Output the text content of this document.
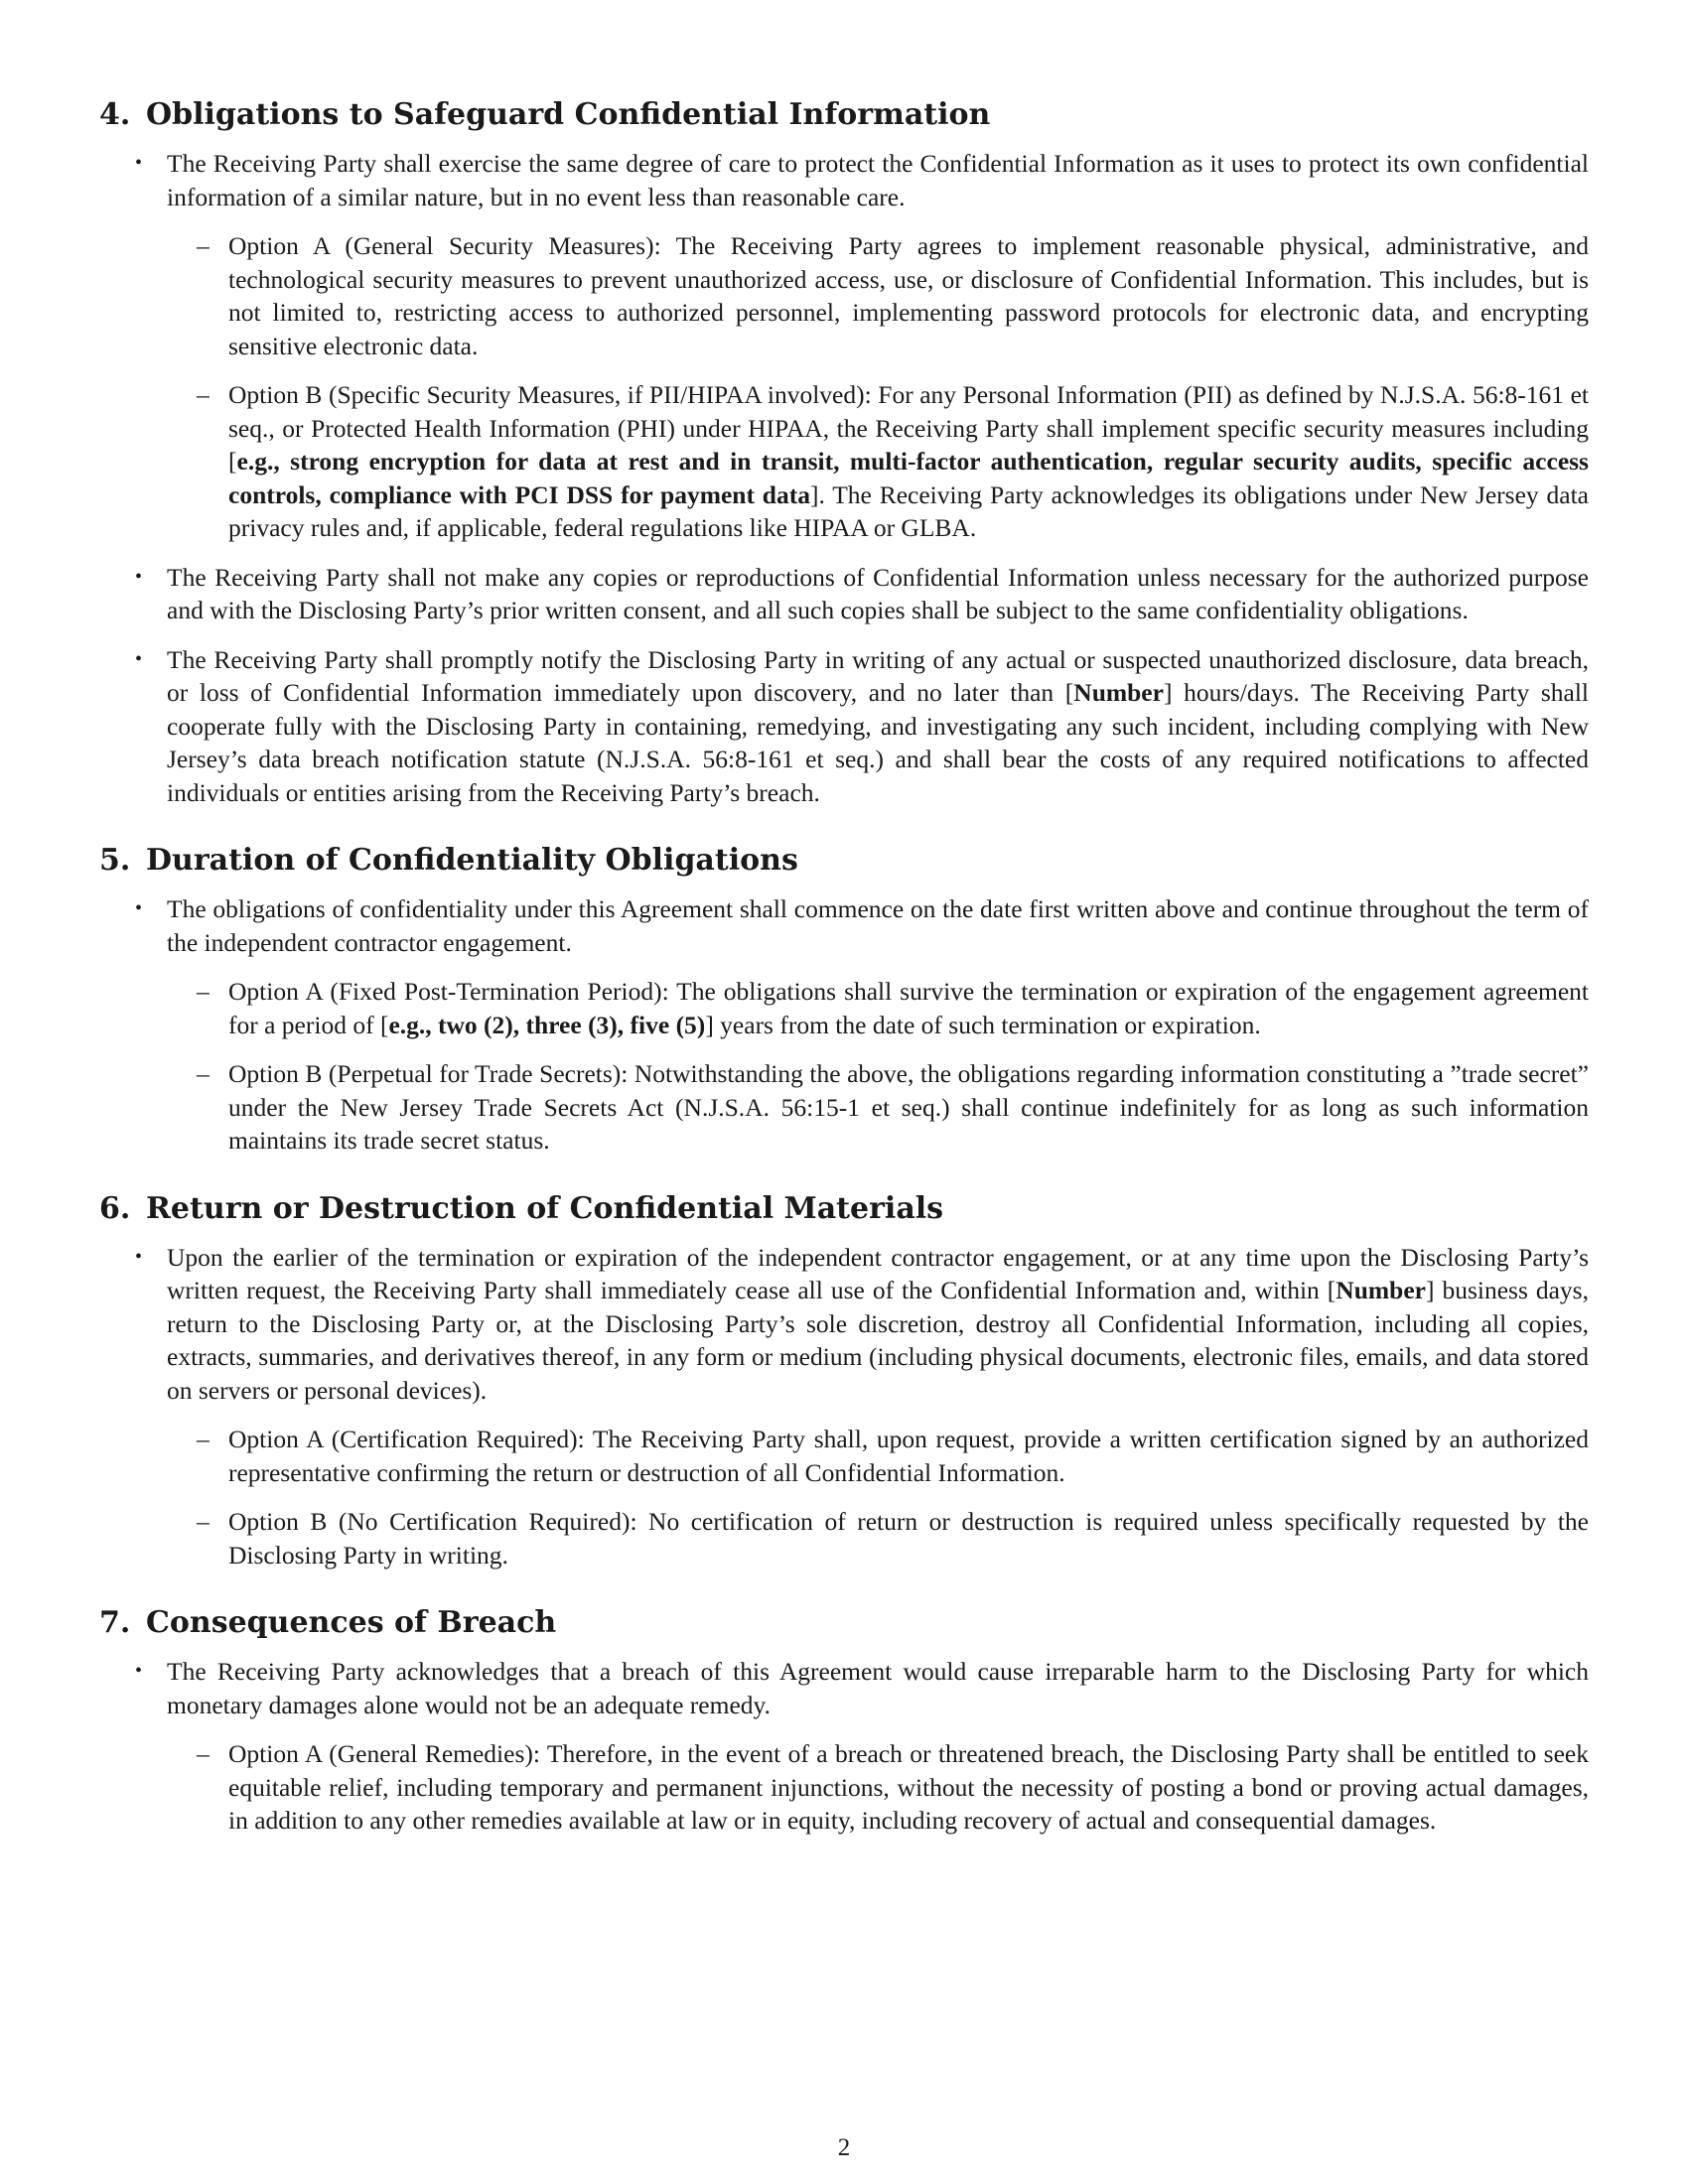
4. Obligations to Safeguard Confidential Information
• The Receiving Party shall exercise the same degree of care to protect the Confidential Information as it uses to protect its own confidential information of a similar nature, but in no event less than reasonable care.
– Option A (General Security Measures): The Receiving Party agrees to implement reasonable physical, administrative, and technological security measures to prevent unauthorized access, use, or disclosure of Confidential Information. This includes, but is not limited to, restricting access to authorized personnel, implementing password protocols for electronic data, and encrypting sensitive electronic data.
– Option B (Specific Security Measures, if PII/HIPAA involved): For any Personal Information (PII) as defined by N.J.S.A. 56:8-161 et seq., or Protected Health Information (PHI) under HIPAA, the Receiving Party shall implement specific security measures including [e.g., strong encryption for data at rest and in transit, multi-factor authentication, regular security audits, specific access controls, compliance with PCI DSS for payment data]. The Receiving Party acknowledges its obligations under New Jersey data privacy rules and, if applicable, federal regulations like HIPAA or GLBA.
• The Receiving Party shall not make any copies or reproductions of Confidential Information unless necessary for the authorized purpose and with the Disclosing Party’s prior written consent, and all such copies shall be subject to the same confidentiality obligations.
• The Receiving Party shall promptly notify the Disclosing Party in writing of any actual or suspected unauthorized disclosure, data breach, or loss of Confidential Information immediately upon discovery, and no later than [Number] hours/days. The Receiving Party shall cooperate fully with the Disclosing Party in containing, remedying, and investigating any such incident, including complying with New Jersey’s data breach notification statute (N.J.S.A. 56:8-161 et seq.) and shall bear the costs of any required notifications to affected individuals or entities arising from the Receiving Party’s breach.
5. Duration of Confidentiality Obligations
• The obligations of confidentiality under this Agreement shall commence on the date first written above and continue throughout the term of the independent contractor engagement.
– Option A (Fixed Post-Termination Period): The obligations shall survive the termination or expiration of the engagement agreement for a period of [e.g., two (2), three (3), five (5)] years from the date of such termination or expiration.
– Option B (Perpetual for Trade Secrets): Notwithstanding the above, the obligations regarding information constituting a ”trade secret” under the New Jersey Trade Secrets Act (N.J.S.A. 56:15-1 et seq.) shall continue indefinitely for as long as such information maintains its trade secret status.
6. Return or Destruction of Confidential Materials
• Upon the earlier of the termination or expiration of the independent contractor engagement, or at any time upon the Disclosing Party’s written request, the Receiving Party shall immediately cease all use of the Confidential Information and, within [Number] business days, return to the Disclosing Party or, at the Disclosing Party’s sole discretion, destroy all Confidential Information, including all copies, extracts, summaries, and derivatives thereof, in any form or medium (including physical documents, electronic files, emails, and data stored on servers or personal devices).
– Option A (Certification Required): The Receiving Party shall, upon request, provide a written certification signed by an authorized representative confirming the return or destruction of all Confidential Information.
– Option B (No Certification Required): No certification of return or destruction is required unless specifically requested by the Disclosing Party in writing.
7. Consequences of Breach
• The Receiving Party acknowledges that a breach of this Agreement would cause irreparable harm to the Disclosing Party for which monetary damages alone would not be an adequate remedy.
– Option A (General Remedies): Therefore, in the event of a breach or threatened breach, the Disclosing Party shall be entitled to seek equitable relief, including temporary and permanent injunctions, without the necessity of posting a bond or proving actual damages, in addition to any other remedies available at law or in equity, including recovery of actual and consequential damages.
2
